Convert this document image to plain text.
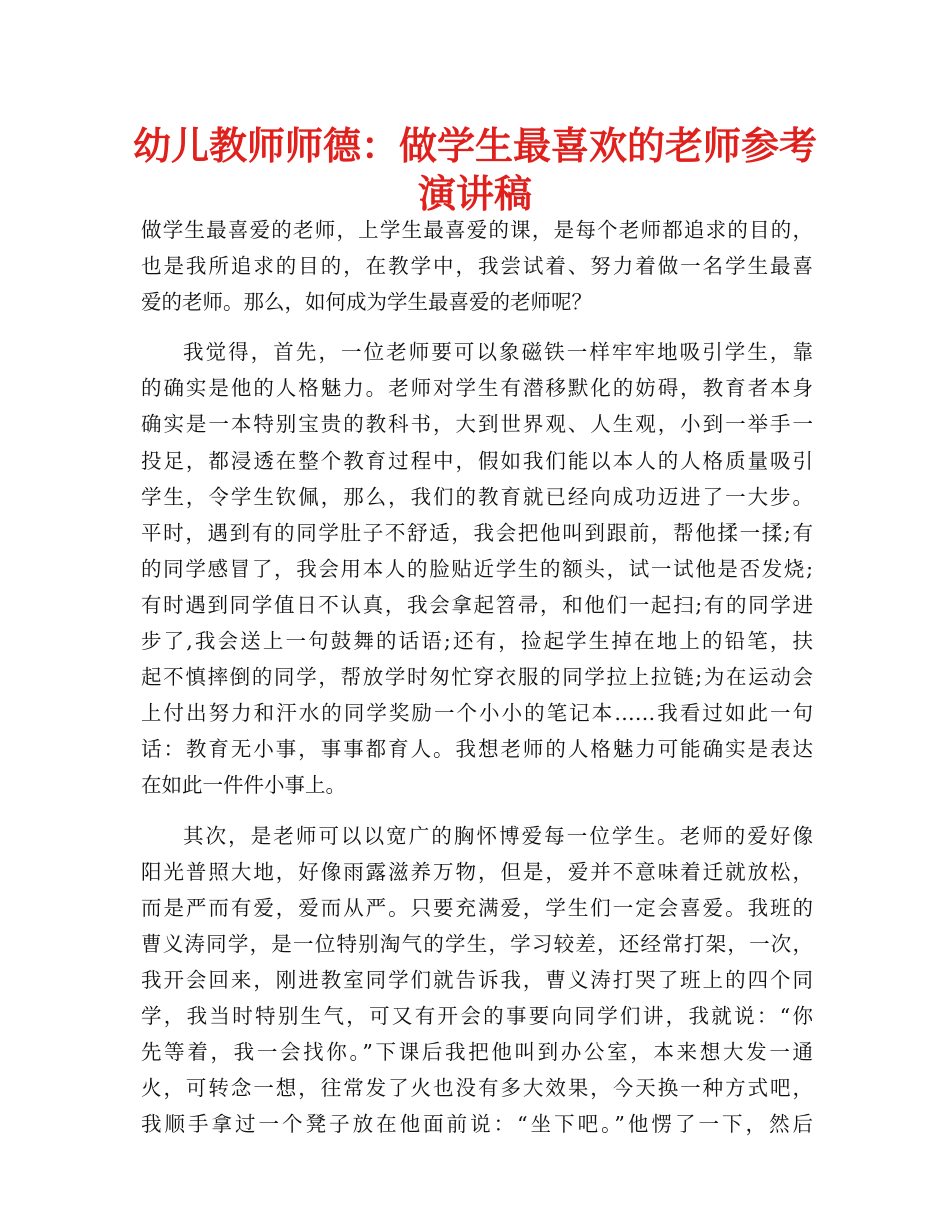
幼儿教师师德：做学生最喜欢的老师参考
演讲稿
做学生最喜爱的老师，上学生最喜爱的课，是每个老师都追求的目的，
也是我所追求的目的，在教学中，我尝试着、努力着做一名学生最喜
爱的老师。那么，如何成为学生最喜爱的老师呢？
我觉得，首先，一位老师要可以象磁铁一样牢牢地吸引学生，靠
的确实是他的人格魅力。老师对学生有潜移默化的妨碍，教育者本身
确实是一本特别宝贵的教科书，大到世界观、人生观，小到一举手一
投足，都浸透在整个教育过程中，假如我们能以本人的人格质量吸引
学生，令学生钦佩，那么，我们的教育就已经向成功迈进了一大步。
平时，遇到有的同学肚子不舒适，我会把他叫到跟前，帮他揉一揉;有
的同学感冒了，我会用本人的脸贴近学生的额头，试一试他是否发烧;
有时遇到同学值日不认真，我会拿起笤帚，和他们一起扫;有的同学进
步了,我会送上一句鼓舞的话语;还有，捡起学生掉在地上的铅笔，扶
起不慎摔倒的同学，帮放学时匆忙穿衣服的同学拉上拉链;为在运动会
上付出努力和汗水的同学奖励一个小小的笔记本……我看过如此一句
话：教育无小事，事事都育人。我想老师的人格魅力可能确实是表达
在如此一件件小事上。
其次，是老师可以以宽广的胸怀博爱每一位学生。老师的爱好像
阳光普照大地，好像雨露滋养万物，但是，爱并不意味着迁就放松，
而是严而有爱，爱而从严。只要充满爱，学生们一定会喜爱。我班的
曹义涛同学，是一位特别淘气的学生，学习较差，还经常打架，一次，
我开会回来，刚进教室同学们就告诉我，曹义涛打哭了班上的四个同
学，我当时特别生气，可又有开会的事要向同学们讲，我就说：“你
先等着，我一会找你。”下课后我把他叫到办公室，本来想大发一通
火，可转念一想，往常发了火也没有多大效果，今天换一种方式吧，
我顺手拿过一个凳子放在他面前说：“坐下吧。”他愣了一下，然后
